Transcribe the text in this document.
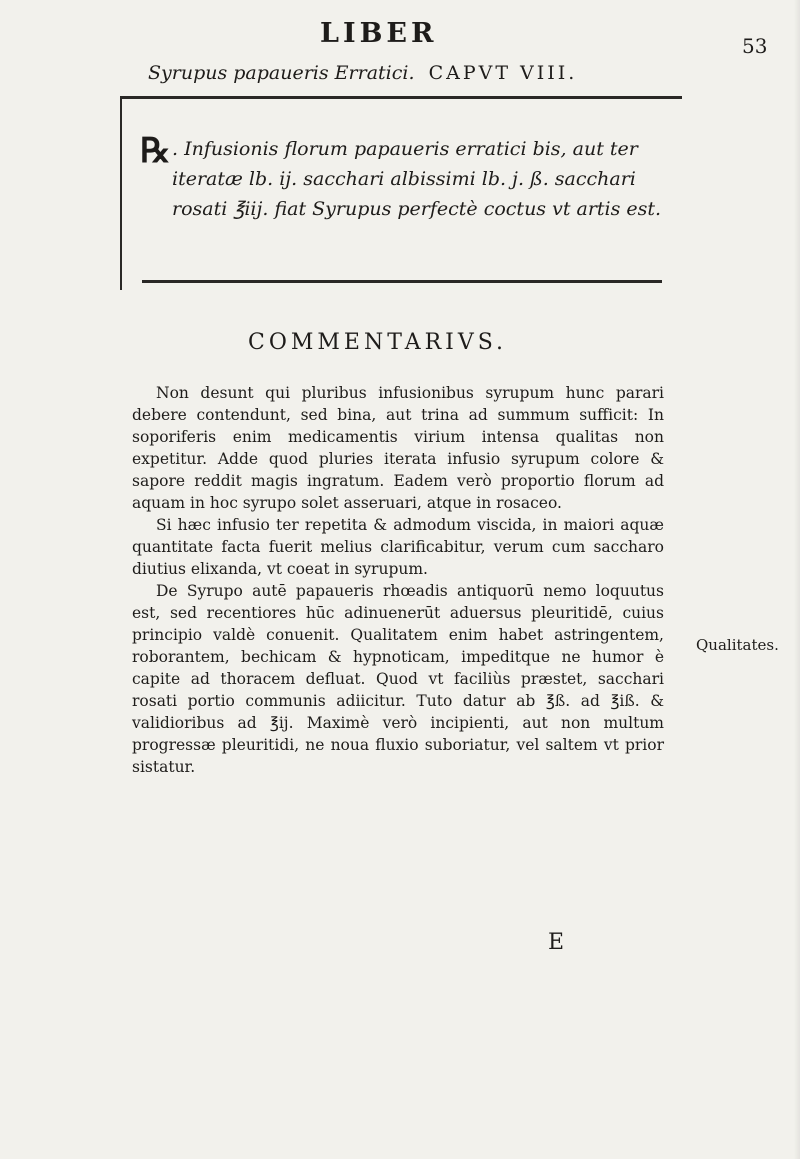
LIBER	53
Syrupus papaueris Erratici. CAPVT VIII.
℞ . Infusionis florum papaueris erratici bis, aut ter iteratæ lb. ij. sacchari albissimi lb. j. ß. sacchari rosati ℥iij. fiat Syrupus perfectè coctus vt artis est.
COMMENTARIVS.

Non desunt qui pluribus infusionibus syrupum hunc parari debere contendunt, sed bina, aut trina ad summum sufficit: In soporiferis enim medicamentis virium intensa qualitas non expetitur. Adde quod pluries iterata infusio syrupum colore & sapore reddit magis ingratum. Eadem verò proportio florum ad aquam in hoc syrupo solet asseruari, atque in rosaceo.

Si hæc infusio ter repetita & admodum viscida, in maiori aquæ quantitate facta fuerit melius clarificabitur, verum cum saccharo diutius elixanda, vt coeat in syrupum.

De Syrupo autē papaueris rhœadis antiquorū nemo loquutus est, sed recentiores hūc adinuenerūt aduersus pleuritidē, cuius principio valdè conuenit. Qualitatem enim habet astringentem, roborantem, bechicam & hypnoticam, impeditque ne humor è capite ad thoracem defluat. Quod vt faciliùs præstet, sacchari rosati portio communis adiicitur. Tuto datur ab ℥ß. ad ℥iß. & validioribus ad ℥ij. Maximè verò incipienti, aut non multum progressæ pleuritidi, ne noua fluxio suboriatur, vel saltem vt prior sistatur.

Qualitates.
E
